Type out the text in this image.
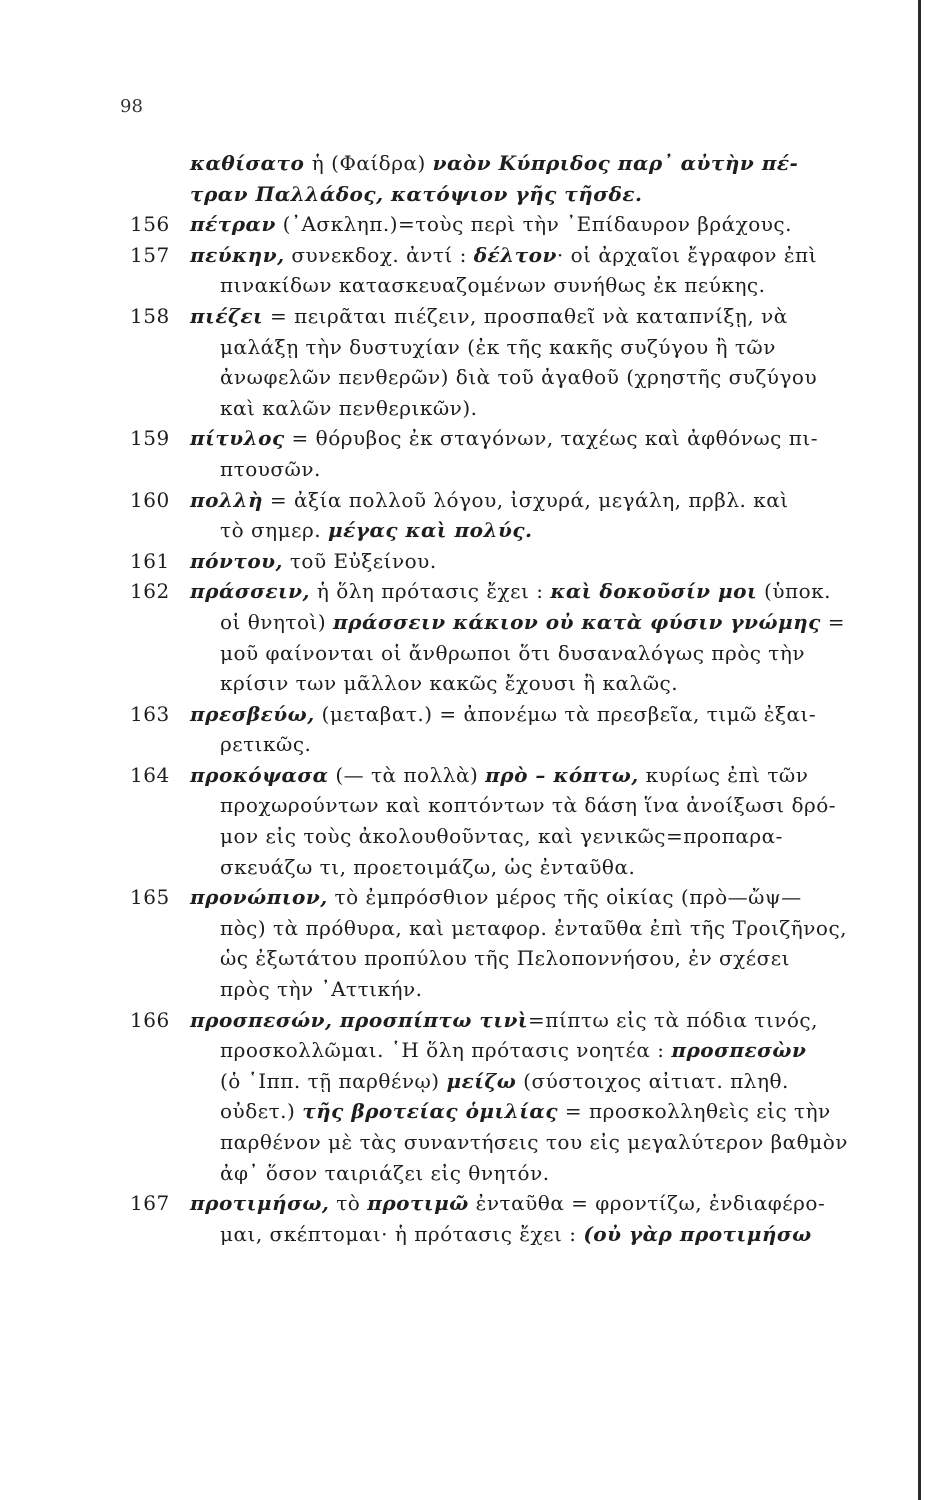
98
καθίσατο ἡ (Φαίδρα) ναὸν Κύπριδος παρ᾽ αὐτὴν πέ-
τραν Παλλάδος, κατόψιον γῆς τῆσδε.
156 πέτραν (᾽Ασκληπ.)=τοὺς περὶ τὴν ᾽Επίδαυρον βράχους.
157 πεύκην, συνεκδοχ. ἀντί : δέλτον· οἱ ἀρχαῖοι ἔγραφον ἐπὶ
πινακίδων κατασκευαζομένων συνήθως ἐκ πεύκης.
158 πιέζει = πειρᾶται πιέζειν, προσπαθεῖ νὰ καταπνίξῃ, νὰ
μαλάξῃ τὴν δυστυχίαν (ἐκ τῆς κακῆς συζύγου ἢ τῶν
ἀνωφελῶν πενθερῶν) διὰ τοῦ ἀγαθοῦ (χρηστῆς συζύγου
καὶ καλῶν πενθερικῶν).
159 πίτυλος = θόρυβος ἐκ σταγόνων, ταχέως καὶ ἀφθόνως πι-
πτουσῶν.
160 πολλὴ = ἀξία πολλοῦ λόγου, ἰσχυρά, μεγάλη, πρβλ. καὶ
τὸ σημερ. μέγας καὶ πολύς.
161 πόντου, τοῦ Εὐξείνου.
162 πράσσειν, ἡ ὅλη πρότασις ἔχει : καὶ δοκοῦσίν μοι (ὑποκ.
οἱ θνητοὶ) πράσσειν κάκιον οὐ κατὰ φύσιν γνώμης =
μοῦ φαίνονται οἱ ἄνθρωποι ὅτι δυσαναλόγως πρὸς τὴν
κρίσιν των μᾶλλον κακῶς ἔχουσι ἢ καλῶς.
163 πρεσβεύω, (μεταβατ.) = ἀπονέμω τὰ πρεσβεῖα, τιμῶ ἐξαι-
ρετικῶς.
164 προκόψασα (— τὰ πολλὰ) πρὸ – κόπτω, κυρίως ἐπὶ τῶν
προχωρούντων καὶ κοπτόντων τὰ δάση ἵνα ἀνοίξωσι δρό-
μον εἰς τοὺς ἀκολουθοῦντας, καὶ γενικῶς=προπαρα-
σκευάζω τι, προετοιμάζω, ὡς ἐνταῦθα.
165 προνώπιον, τὸ ἐμπρόσθιον μέρος τῆς οἰκίας (πρὸ—ὤψ—
πὸς) τὰ πρόθυρα, καὶ μεταφορ. ἐνταῦθα ἐπὶ τῆς Τροιζῆνος,
ὡς ἐξωτάτου προπύλου τῆς Πελοποννήσου, ἐν σχέσει
πρὸς τὴν ᾽Αττικήν.
166 προσπεσών, προσπίπτω τινὶ=πίπτω εἰς τὰ πόδια τινός,
προσκολλῶμαι. ῾Η ὅλη πρότασις νοητέα : προσπεσὼν
(ὁ ῾Ιππ. τῇ παρθένῳ) μείζω (σύστοιχος αἰτιατ. πληθ.
οὐδετ.) τῆς βροτείας ὁμιλίας = προσκολληθεὶς εἰς τὴν
παρθένον μὲ τὰς συναντήσεις του εἰς μεγαλύτερον βαθμὸν
ἀφ᾽ ὅσον ταιριάζει εἰς θνητόν.
167 προτιμήσω, τὸ προτιμῶ ἐνταῦθα = φροντίζω, ἐνδιαφέρο-
μαι, σκέπτομαι· ἡ πρότασις ἔχει : (οὐ γὰρ προτιμήσω
